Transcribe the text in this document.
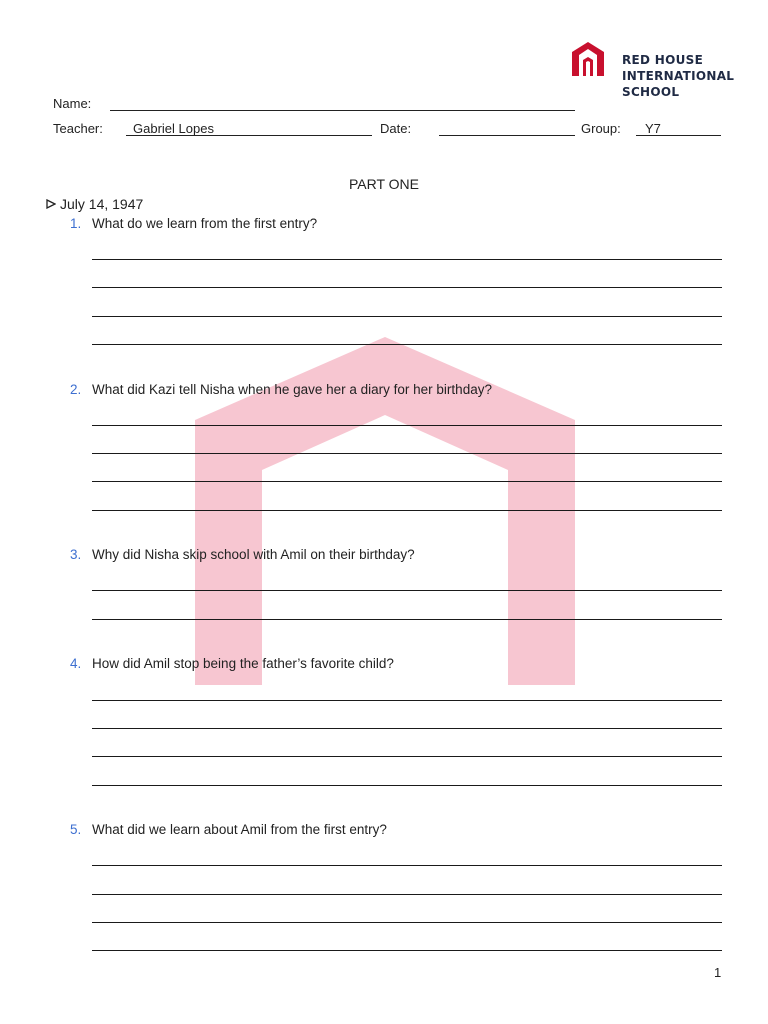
RED HOUSE
INTERNATIONAL
SCHOOL
Name:
Teacher: Gabriel Lopes	Date:	Group: Y7
PART ONE
July 14, 1947
1. What do we learn from the first entry?
2. What did Kazi tell Nisha when he gave her a diary for her birthday?
3. Why did Nisha skip school with Amil on their birthday?
4. How did Amil stop being the father’s favorite child?
5. What did we learn about Amil from the first entry?
1
